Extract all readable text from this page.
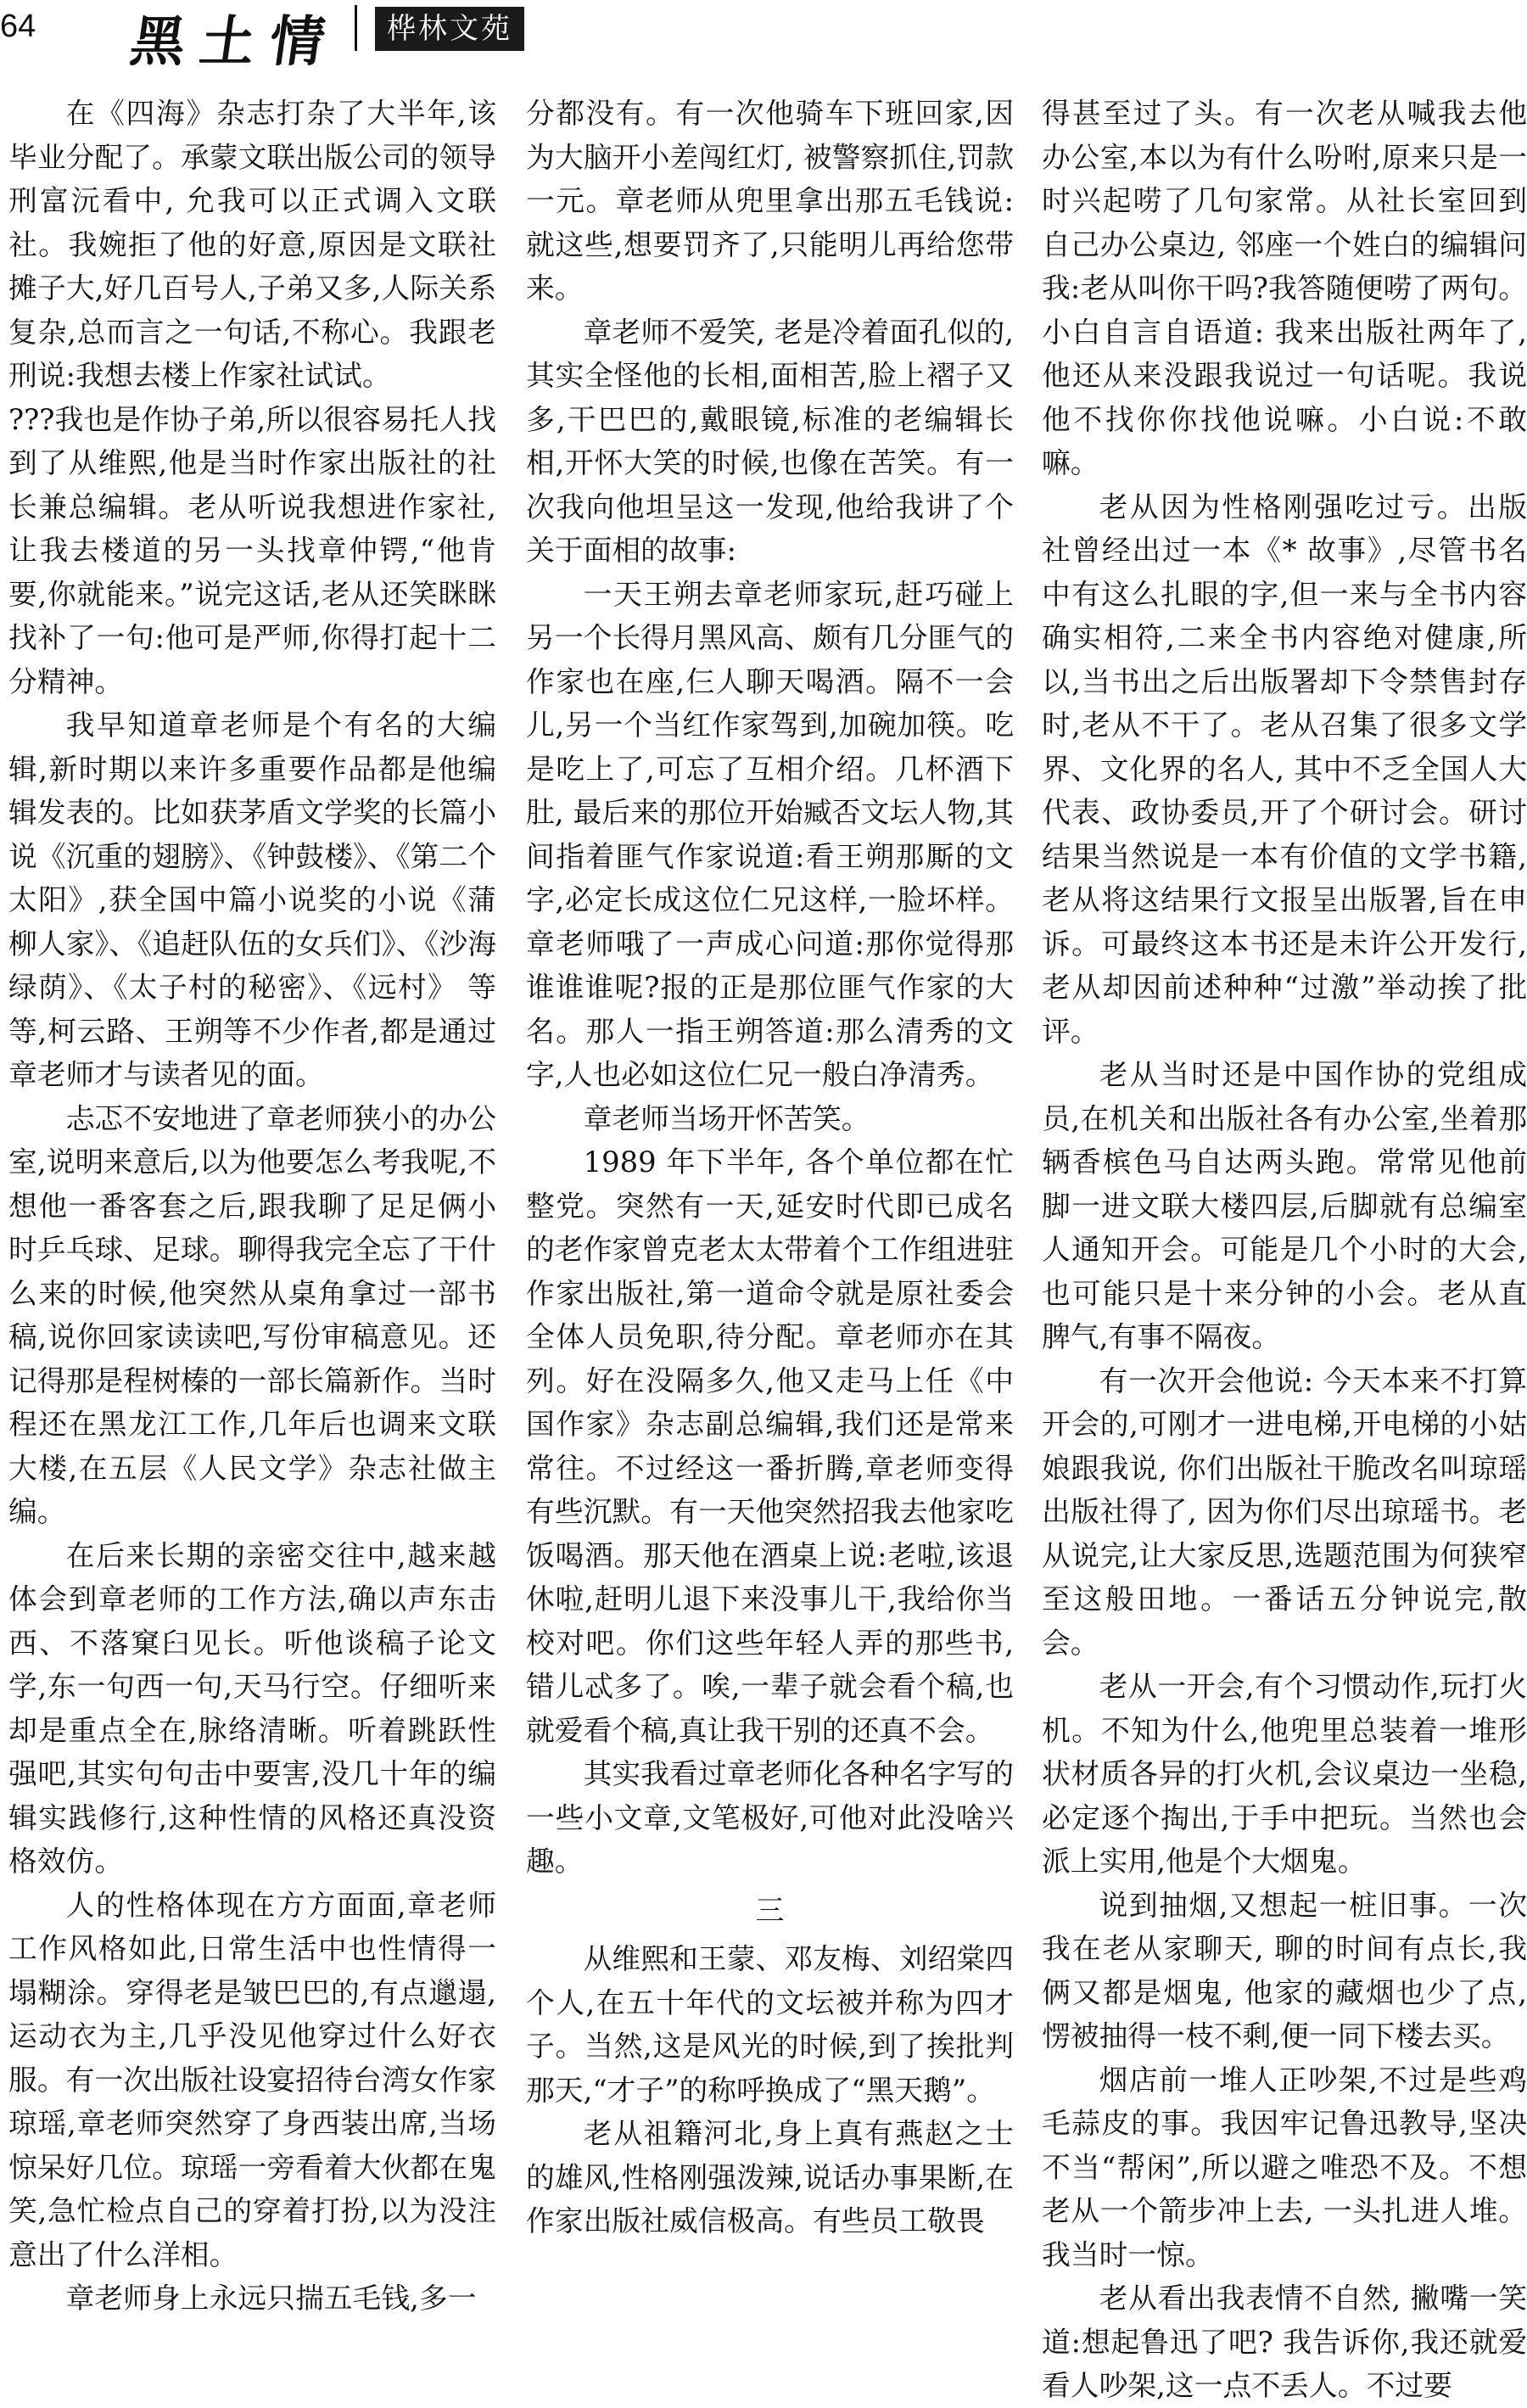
64 黑土情	桦林文苑

在《四海》杂志打杂了大半年,该毕业分配了。承蒙文联出版公司的领导刑富沅看中, 允我可以正式调入文联社。我婉拒了他的好意,原因是文联社摊子大,好几百号人,子弟又多,人际关系复杂,总而言之一句话,不称心。我跟老刑说:我想去楼上作家社试试。

???我也是作协子弟,所以很容易托人找到了从维熙,他是当时作家出版社的社长兼总编辑。老从听说我想进作家社,让我去楼道的另一头找章仲锷,“他肯要,你就能来。”说完这话,老从还笑眯眯找补了一句:他可是严师,你得打起十二分精神。

我早知道章老师是个有名的大编辑,新时期以来许多重要作品都是他编辑发表的。比如获茅盾文学奖的长篇小说《沉重的翅膀》、《钟鼓楼》、《第二个太阳》,获全国中篇小说奖的小说《蒲柳人家》、《追赶队伍的女兵们》、《沙海绿荫》、《太子村的秘密》、《远村》 等等,柯云路、王朔等不少作者,都是通过章老师才与读者见的面。

忐忑不安地进了章老师狭小的办公室,说明来意后,以为他要怎么考我呢,不想他一番客套之后,跟我聊了足足俩小时乒乓球、足球。聊得我完全忘了干什么来的时候,他突然从桌角拿过一部书稿,说你回家读读吧,写份审稿意见。还记得那是程树榛的一部长篇新作。当时程还在黑龙江工作,几年后也调来文联大楼,在五层《人民文学》杂志社做主编。

在后来长期的亲密交往中,越来越体会到章老师的工作方法,确以声东击西、不落窠臼见长。听他谈稿子论文学,东一句西一句,天马行空。仔细听来却是重点全在,脉络清晰。听着跳跃性强吧,其实句句击中要害,没几十年的编辑实践修行,这种性情的风格还真没资格效仿。

人的性格体现在方方面面,章老师工作风格如此,日常生活中也性情得一塌糊涂。穿得老是皱巴巴的,有点邋遢,运动衣为主,几乎没见他穿过什么好衣服。有一次出版社设宴招待台湾女作家琼瑶,章老师突然穿了身西装出席,当场惊呆好几位。琼瑶一旁看着大伙都在鬼笑,急忙检点自己的穿着打扮,以为没注意出了什么洋相。

章老师身上永远只揣五毛钱,多一

分都没有。有一次他骑车下班回家,因为大脑开小差闯红灯, 被警察抓住,罚款一元。章老师从兜里拿出那五毛钱说:就这些,想要罚齐了,只能明儿再给您带来。

章老师不爱笑, 老是冷着面孔似的,其实全怪他的长相,面相苦,脸上褶子又多,干巴巴的,戴眼镜,标准的老编辑长相,开怀大笑的时候,也像在苦笑。有一次我向他坦呈这一发现,他给我讲了个关于面相的故事:

一天王朔去章老师家玩,赶巧碰上另一个长得月黑风高、颇有几分匪气的作家也在座,仨人聊天喝酒。隔不一会儿,另一个当红作家驾到,加碗加筷。吃是吃上了,可忘了互相介绍。几杯酒下肚, 最后来的那位开始臧否文坛人物,其间指着匪气作家说道:看王朔那厮的文字,必定长成这位仁兄这样,一脸坏样。章老师哦了一声成心问道:那你觉得那谁谁谁呢?报的正是那位匪气作家的大名。那人一指王朔答道:那么清秀的文字,人也必如这位仁兄一般白净清秀。

章老师当场开怀苦笑。

1989 年下半年, 各个单位都在忙整党。突然有一天,延安时代即已成名的老作家曾克老太太带着个工作组进驻作家出版社,第一道命令就是原社委会全体人员免职,待分配。章老师亦在其列。好在没隔多久,他又走马上任《中国作家》杂志副总编辑,我们还是常来常往。不过经这一番折腾,章老师变得有些沉默。有一天他突然招我去他家吃饭喝酒。那天他在酒桌上说:老啦,该退休啦,赶明儿退下来没事儿干,我给你当校对吧。你们这些年轻人弄的那些书,错儿忒多了。唉,一辈子就会看个稿,也就爱看个稿,真让我干别的还真不会。

其实我看过章老师化各种名字写的一些小文章,文笔极好,可他对此没啥兴趣。

三

从维熙和王蒙、邓友梅、刘绍棠四个人,在五十年代的文坛被并称为四才子。当然,这是风光的时候,到了挨批判那天,“才子”的称呼换成了“黑天鹅”。

老从祖籍河北,身上真有燕赵之士的雄风,性格刚强泼辣,说话办事果断,在作家出版社威信极高。有些员工敬畏

得甚至过了头。有一次老从喊我去他办公室,本以为有什么吩咐,原来只是一时兴起唠了几句家常。从社长室回到自己办公桌边, 邻座一个姓白的编辑问我:老从叫你干吗?我答随便唠了两句。小白自言自语道: 我来出版社两年了,他还从来没跟我说过一句话呢。我说他不找你你找他说嘛。小白说:不敢嘛。

老从因为性格刚强吃过亏。出版社曾经出过一本《* 故事》,尽管书名中有这么扎眼的字,但一来与全书内容确实相符,二来全书内容绝对健康,所以,当书出之后出版署却下令禁售封存时,老从不干了。老从召集了很多文学界、文化界的名人, 其中不乏全国人大代表、政协委员,开了个研讨会。研讨结果当然说是一本有价值的文学书籍,老从将这结果行文报呈出版署,旨在申诉。可最终这本书还是未许公开发行,老从却因前述种种“过激”举动挨了批评。

老从当时还是中国作协的党组成员,在机关和出版社各有办公室,坐着那辆香槟色马自达两头跑。常常见他前脚一进文联大楼四层,后脚就有总编室人通知开会。可能是几个小时的大会,也可能只是十来分钟的小会。老从直脾气,有事不隔夜。

有一次开会他说: 今天本来不打算开会的,可刚才一进电梯,开电梯的小姑娘跟我说, 你们出版社干脆改名叫琼瑶出版社得了, 因为你们尽出琼瑶书。老从说完,让大家反思,选题范围为何狭窄至这般田地。一番话五分钟说完,散会。

老从一开会,有个习惯动作,玩打火机。不知为什么,他兜里总装着一堆形状材质各异的打火机,会议桌边一坐稳,必定逐个掏出,于手中把玩。当然也会派上实用,他是个大烟鬼。

说到抽烟,又想起一桩旧事。一次我在老从家聊天, 聊的时间有点长,我俩又都是烟鬼, 他家的藏烟也少了点,愣被抽得一枝不剩,便一同下楼去买。

烟店前一堆人正吵架,不过是些鸡毛蒜皮的事。我因牢记鲁迅教导,坚决不当“帮闲”,所以避之唯恐不及。不想老从一个箭步冲上去, 一头扎进人堆。我当时一惊。

老从看出我表情不自然, 撇嘴一笑道:想起鲁迅了吧? 我告诉你,我还就爱看人吵架,这一点不丢人。不过要
